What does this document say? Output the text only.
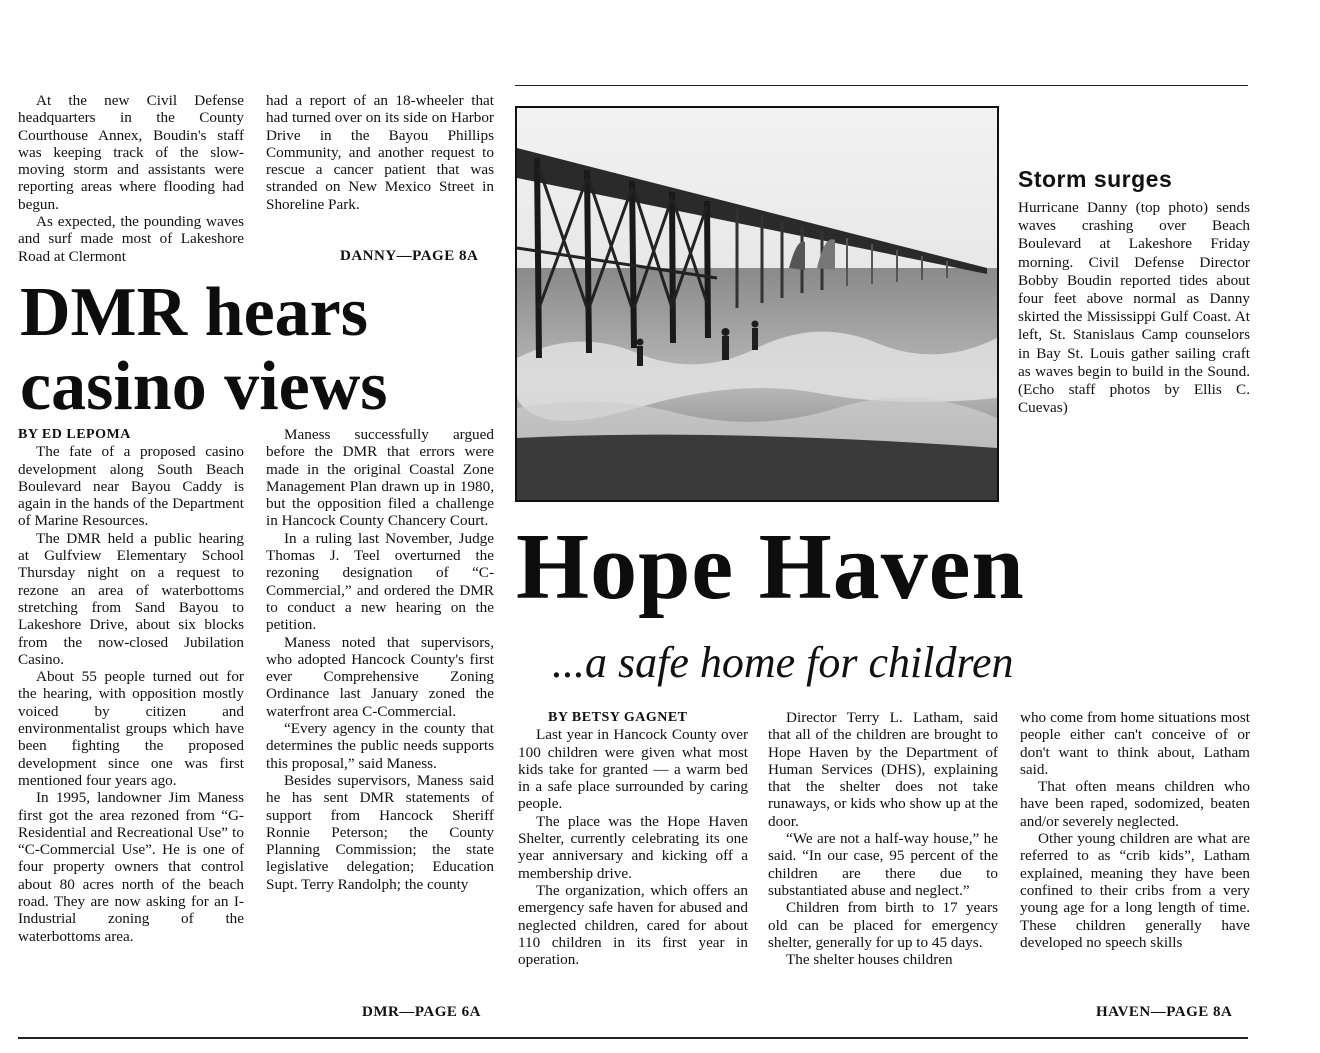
At the new Civil Defense headquarters in the County Courthouse Annex, Boudin's staff was keeping track of the slow-moving storm and assistants were reporting areas where flooding had begun.

As expected, the pounding waves and surf made most of Lakeshore Road at Clermont

had a report of an 18-wheeler that had turned over on its side on Harbor Drive in the Bayou Phillips Community, and another request to rescue a cancer patient that was stranded on New Mexico Street in Shoreline Park.

DANNY—PAGE 8A
DMR hears
casino views

BY ED LEPOMA

The fate of a proposed casino development along South Beach Boulevard near Bayou Caddy is again in the hands of the Department of Marine Resources.

The DMR held a public hearing at Gulfview Elementary School Thursday night on a request to rezone an area of waterbottoms stretching from Sand Bayou to Lakeshore Drive, about six blocks from the now-closed Jubilation Casino.

About 55 people turned out for the hearing, with opposition mostly voiced by citizen and environmentalist groups which have been fighting the proposed development since one was first mentioned four years ago.

In 1995, landowner Jim Maness first got the area rezoned from “G-Residential and Recreational Use” to “C-Commercial Use”. He is one of four property owners that control about 80 acres north of the beach road. They are now asking for an I-Industrial zoning of the waterbottoms area.

Maness successfully argued before the DMR that errors were made in the original Coastal Zone Management Plan drawn up in 1980, but the opposition filed a challenge in Hancock County Chancery Court.

In a ruling last November, Judge Thomas J. Teel overturned the rezoning designation of “C-Commercial,” and ordered the DMR to conduct a new hearing on the petition.

Maness noted that supervisors, who adopted Hancock County's first ever Comprehensive Zoning Ordinance last January zoned the waterfront area C-Commercial.

“Every agency in the county that determines the public needs supports this proposal,” said Maness.

Besides supervisors, Maness said he has sent DMR statements of support from Hancock Sheriff Ronnie Peterson; the County Planning Commission; the state legislative delegation; Education Supt. Terry Randolph; the county

DMR—PAGE 6A
Storm surges
Hurricane Danny (top photo) sends waves crashing over Beach Boulevard at Lakeshore Friday morning. Civil Defense Director Bobby Boudin reported tides about four feet above normal as Danny skirted the Mississippi Gulf Coast. At left, St. Stanislaus Camp counselors in Bay St. Louis gather sailing craft as waves begin to build in the Sound. (Echo staff photos by Ellis C. Cuevas)
Hope Haven
...a safe home for children

BY BETSY GAGNET

Last year in Hancock County over 100 children were given what most kids take for granted — a warm bed in a safe place surrounded by caring people.

The place was the Hope Haven Shelter, currently celebrating its one year anniversary and kicking off a membership drive.

The organization, which offers an emergency safe haven for abused and neglected children, cared for about 110 children in its first year in operation.

Director Terry L. Latham, said that all of the children are brought to Hope Haven by the Department of Human Services (DHS), explaining that the shelter does not take runaways, or kids who show up at the door.

“We are not a half-way house,” he said. “In our case, 95 percent of the children are there due to substantiated abuse and neglect.”

Children from birth to 17 years old can be placed for emergency shelter, generally for up to 45 days.

The shelter houses children

who come from home situations most people either can't conceive of or don't want to think about, Latham said.

That often means children who have been raped, sodomized, beaten and/or severely neglected.

Other young children are what are referred to as “crib kids”, Latham explained, meaning they have been confined to their cribs from a very young age for a long length of time. These children generally have developed no speech skills

HAVEN—PAGE 8A
